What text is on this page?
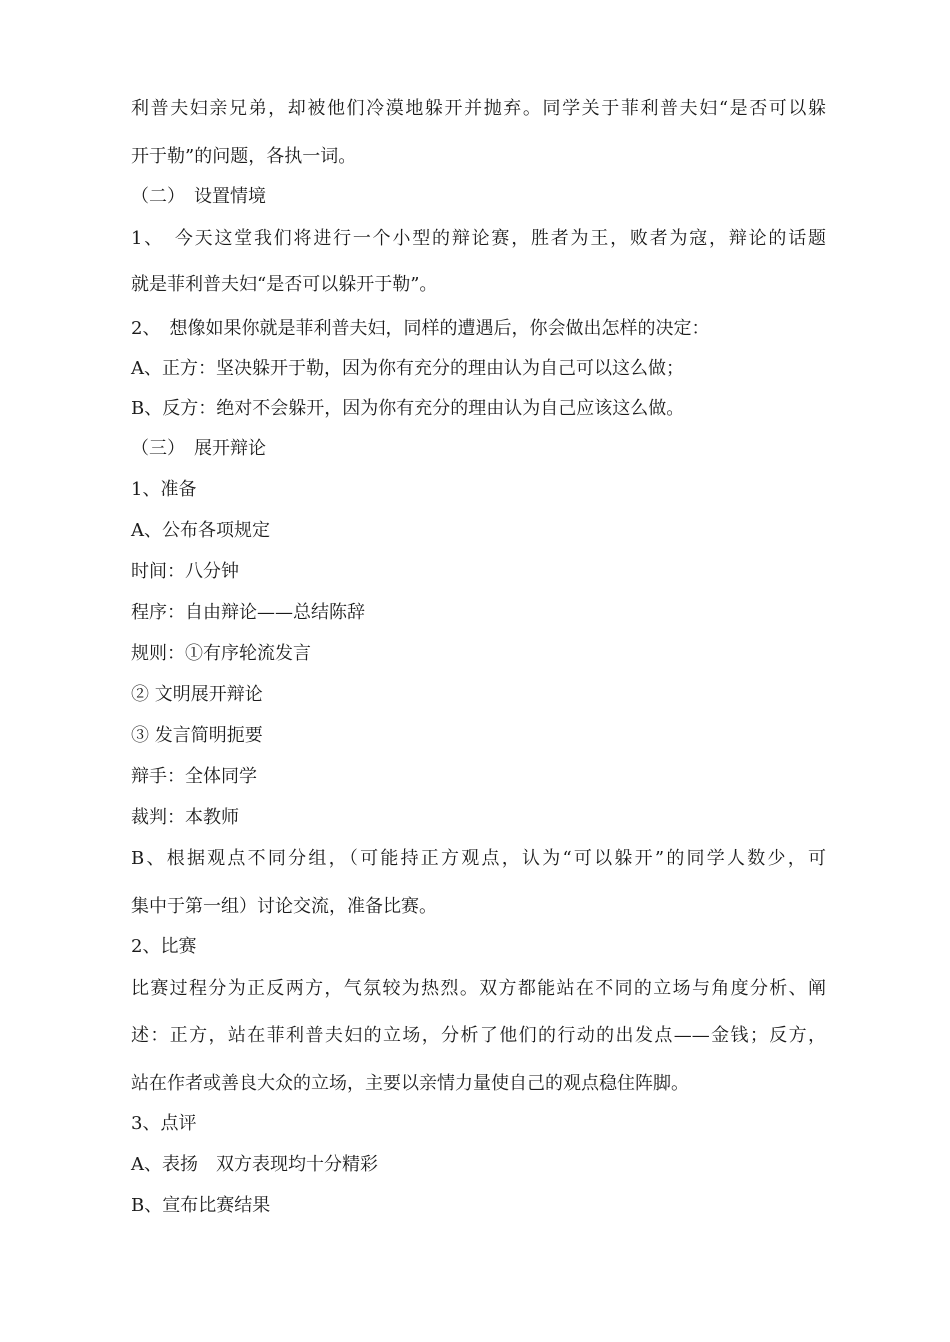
利普夫妇亲兄弟，却被他们冷漠地躲开并抛弃。同学关于菲利普夫妇“是否可以躲
开于勒”的问题，各执一词。
（二）　设置情境
1、　今天这堂我们将进行一个小型的辩论赛，胜者为王，败者为寇，辩论的话题
就是菲利普夫妇“是否可以躲开于勒”。
2、　想像如果你就是菲利普夫妇，同样的遭遇后，你会做出怎样的决定：
A、正方：坚决躲开于勒，因为你有充分的理由认为自己可以这么做；
B、反方：绝对不会躲开，因为你有充分的理由认为自己应该这么做。
（三）　展开辩论
1、准备
A、公布各项规定
时间：八分钟
程序：自由辩论——总结陈辞
规则：①有序轮流发言
② 文明展开辩论
③ 发言简明扼要
辩手：全体同学
裁判：本教师
B、根据观点不同分组，（可能持正方观点，认为“可以躲开”的同学人数少，可
集中于第一组）讨论交流，准备比赛。
2、比赛
比赛过程分为正反两方，气氛较为热烈。双方都能站在不同的立场与角度分析、阐
述：正方，站在菲利普夫妇的立场，分析了他们的行动的出发点——金钱；反方，
站在作者或善良大众的立场，主要以亲情力量使自己的观点稳住阵脚。
3、点评
A、表扬　双方表现均十分精彩
B、宣布比赛结果
